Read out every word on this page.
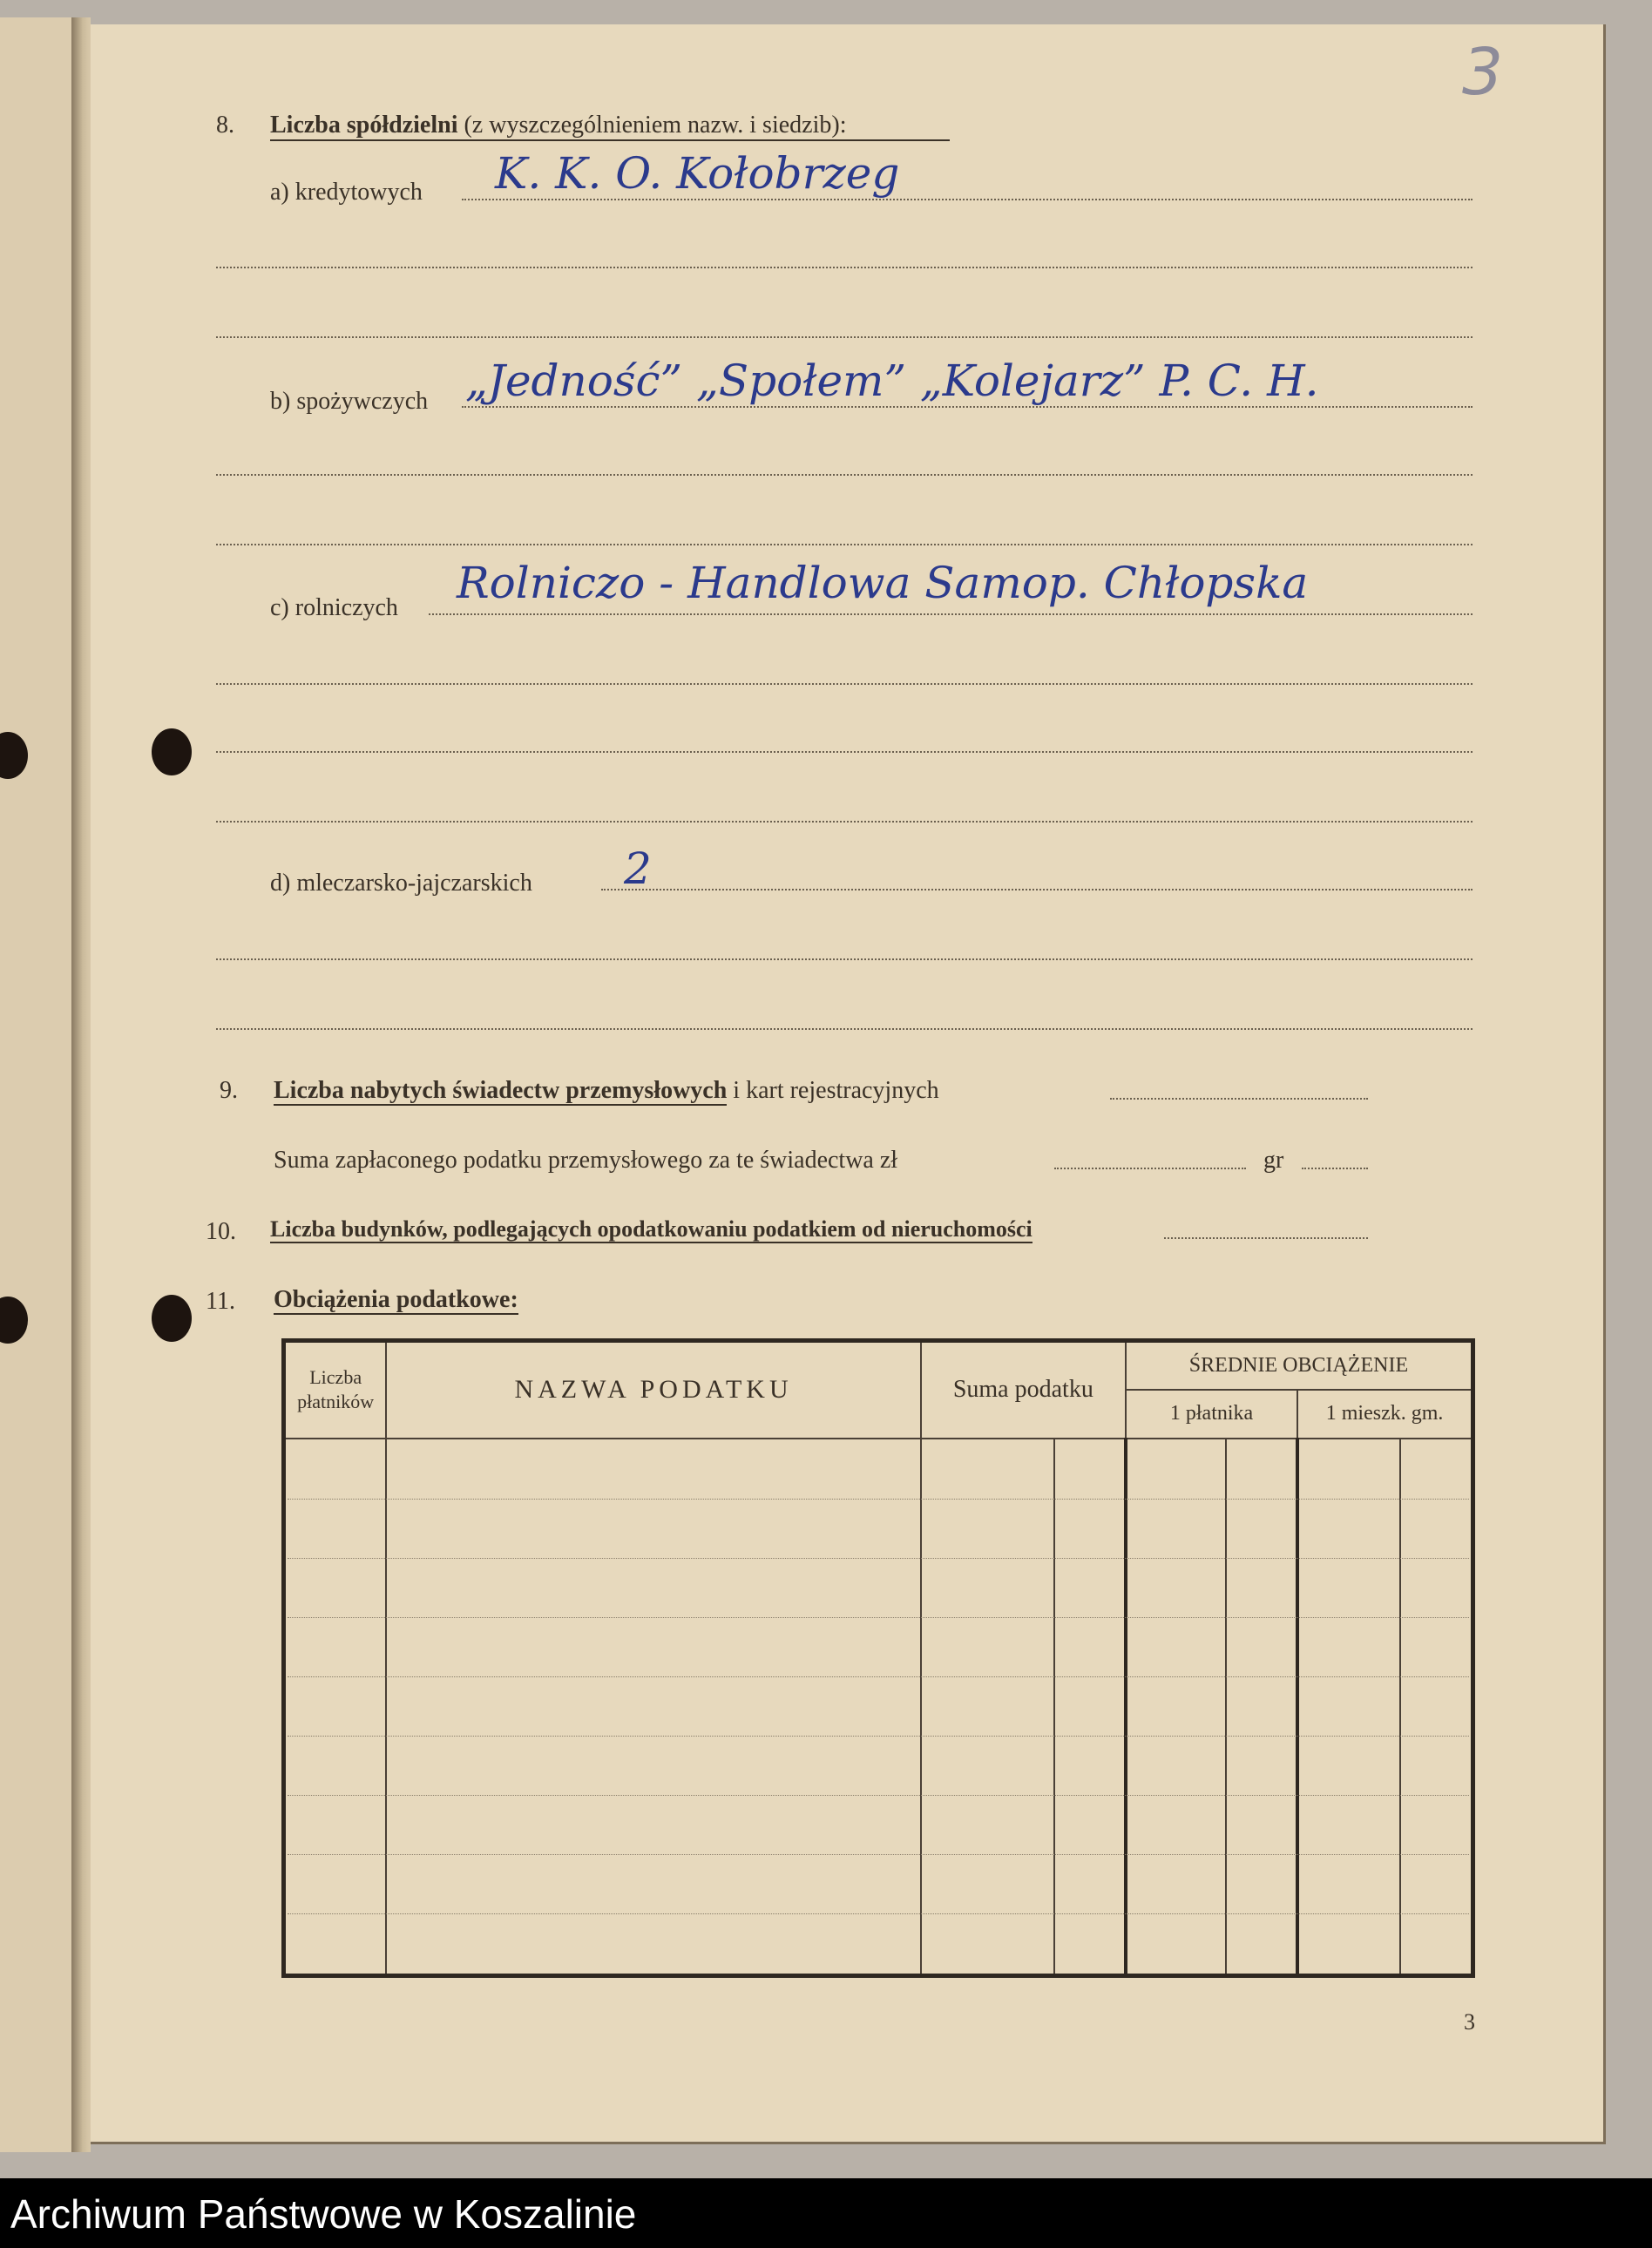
3
8. Liczba spółdzielni (z wyszczególnieniem nazw. i siedzib):
a) kredytowych K. K. O. Kołobrzeg
b) spożywczych „Jedność” „Społem” „Kolejarz” P. C. H.
c) rolniczych Rolniczo - Handlowa Samop. Chłopska
d) mleczarsko-jajczarskich 2
9. Liczba nabytych świadectw przemysłowych i kart rejestracyjnych
Suma zapłaconego podatku przemysłowego za te świadectwa zł	gr
10. Liczba budynków, podlegających opodatkowaniu podatkiem od nieruchomości
11. Obciążenia podatkowe:
Liczba
płatników	NAZWA PODATKU	Suma podatku		ŚREDNIE OBCIĄŻENIE			
				1 płatnika		1 mieszk. gm.	

3
Archiwum Państwowe w Koszalinie
